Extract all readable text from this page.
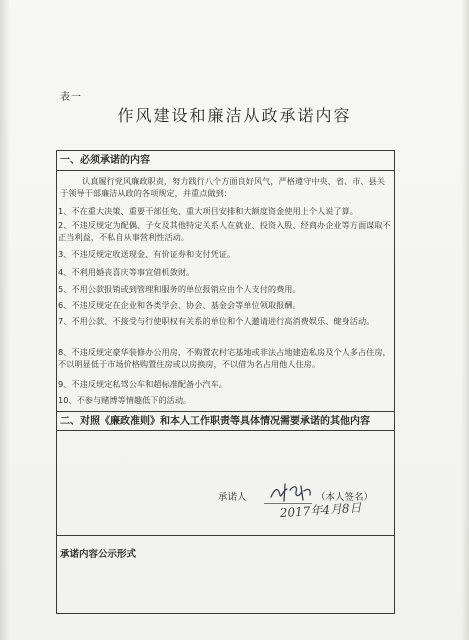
表一
作风建设和廉洁从政承诺内容
一、必须承诺的内容
认真履行党风廉政职责，努力践行八个方面良好风气，严格遵守中央、省、市、县关于领导干部廉洁从政的各项规定，并重点做到：
1、不在重大决策、重要干部任免、重大项目安排和大额度资金使用上个人说了算。
2、不违反规定为配偶、子女及其他特定关系人在就业、投资入股、经商办企业等方面谋取不正当利益，不私自从事营利性活动。
3、不违反规定收送现金、有价证券和支付凭证。
4、不利用婚丧喜庆等事宜借机敛财。
5、不用公款报销或到管理和服务的单位报销应由个人支付的费用。
6、不违反规定在企业和各类学会、协会、基金会等单位领取报酬。
7、不用公款、不接受与行使职权有关系的单位和个人邀请进行高消费娱乐、健身活动。
8、不违反规定豪华装修办公用房，不购置农村宅基地或非法占地建造私房及个人多占住房，不以明显低于市场价格购置住房或以房换房，不以借为名占用他人住房。
9、不违反规定私驾公车和超标准配备小汽车。
10、不参与赌博等情趣低下的活动。
二、对照《廉政准则》和本人工作职责等具体情况需要承诺的其他内容
承诺人	（本人签名）
2017年4月8日
承诺内容公示形式
